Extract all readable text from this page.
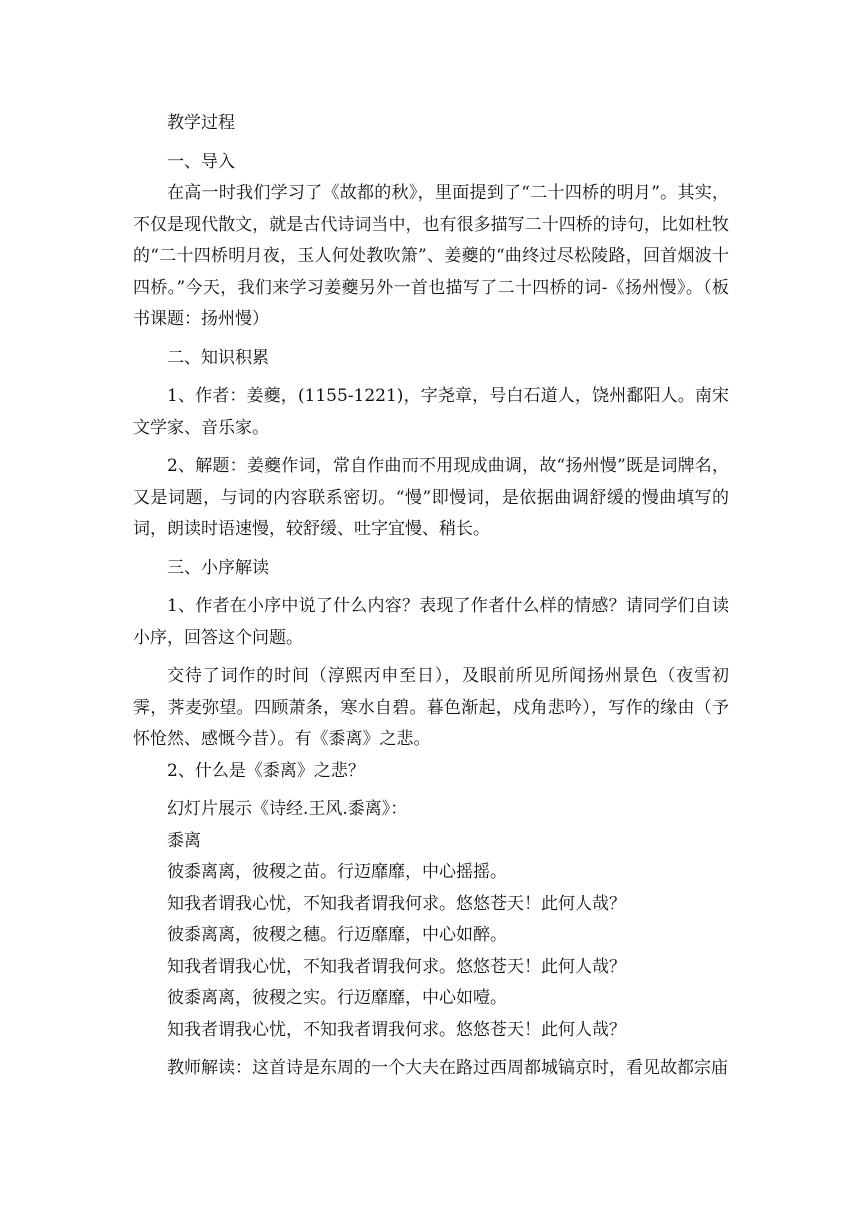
教学过程

一、导入

在高一时我们学习了《故都的秋》，里面提到了“二十四桥的明月”。其实，不仅是现代散文，就是古代诗词当中，也有很多描写二十四桥的诗句，比如杜牧的“二十四桥明月夜，玉人何处教吹箫”、姜夔的“曲终过尽松陵路，回首烟波十四桥。”今天，我们来学习姜夔另外一首也描写了二十四桥的词-《扬州慢》。（板书课题：扬州慢）

二、知识积累

1、作者：姜夔，(1155-1221)，字尧章，号白石道人，饶州鄱阳人。南宋文学家、音乐家。

2、解题：姜夔作词，常自作曲而不用现成曲调，故“扬州慢”既是词牌名，又是词题，与词的内容联系密切。“慢”即慢词，是依据曲调舒缓的慢曲填写的词，朗读时语速慢，较舒缓、吐字宜慢、稍长。

三、小序解读

1、作者在小序中说了什么内容？表现了作者什么样的情感？请同学们自读小序，回答这个问题。

交待了词作的时间（淳熙丙申至日），及眼前所见所闻扬州景色（夜雪初霁，荠麦弥望。四顾萧条，寒水自碧。暮色渐起，戍角悲吟），写作的缘由（予怀怆然、感慨今昔）。有《黍离》之悲。

2、什么是《黍离》之悲？

幻灯片展示《诗经.王风.黍离》：

黍离

彼黍离离，彼稷之苗。行迈靡靡，中心摇摇。

知我者谓我心忧，不知我者谓我何求。悠悠苍天！此何人哉？

彼黍离离，彼稷之穗。行迈靡靡，中心如醉。

知我者谓我心忧，不知我者谓我何求。悠悠苍天！此何人哉？

彼黍离离，彼稷之实。行迈靡靡，中心如噎。

知我者谓我心忧，不知我者谓我何求。悠悠苍天！此何人哉？

教师解读：这首诗是东周的一个大夫在路过西周都城镐京时，看见故都宗庙
